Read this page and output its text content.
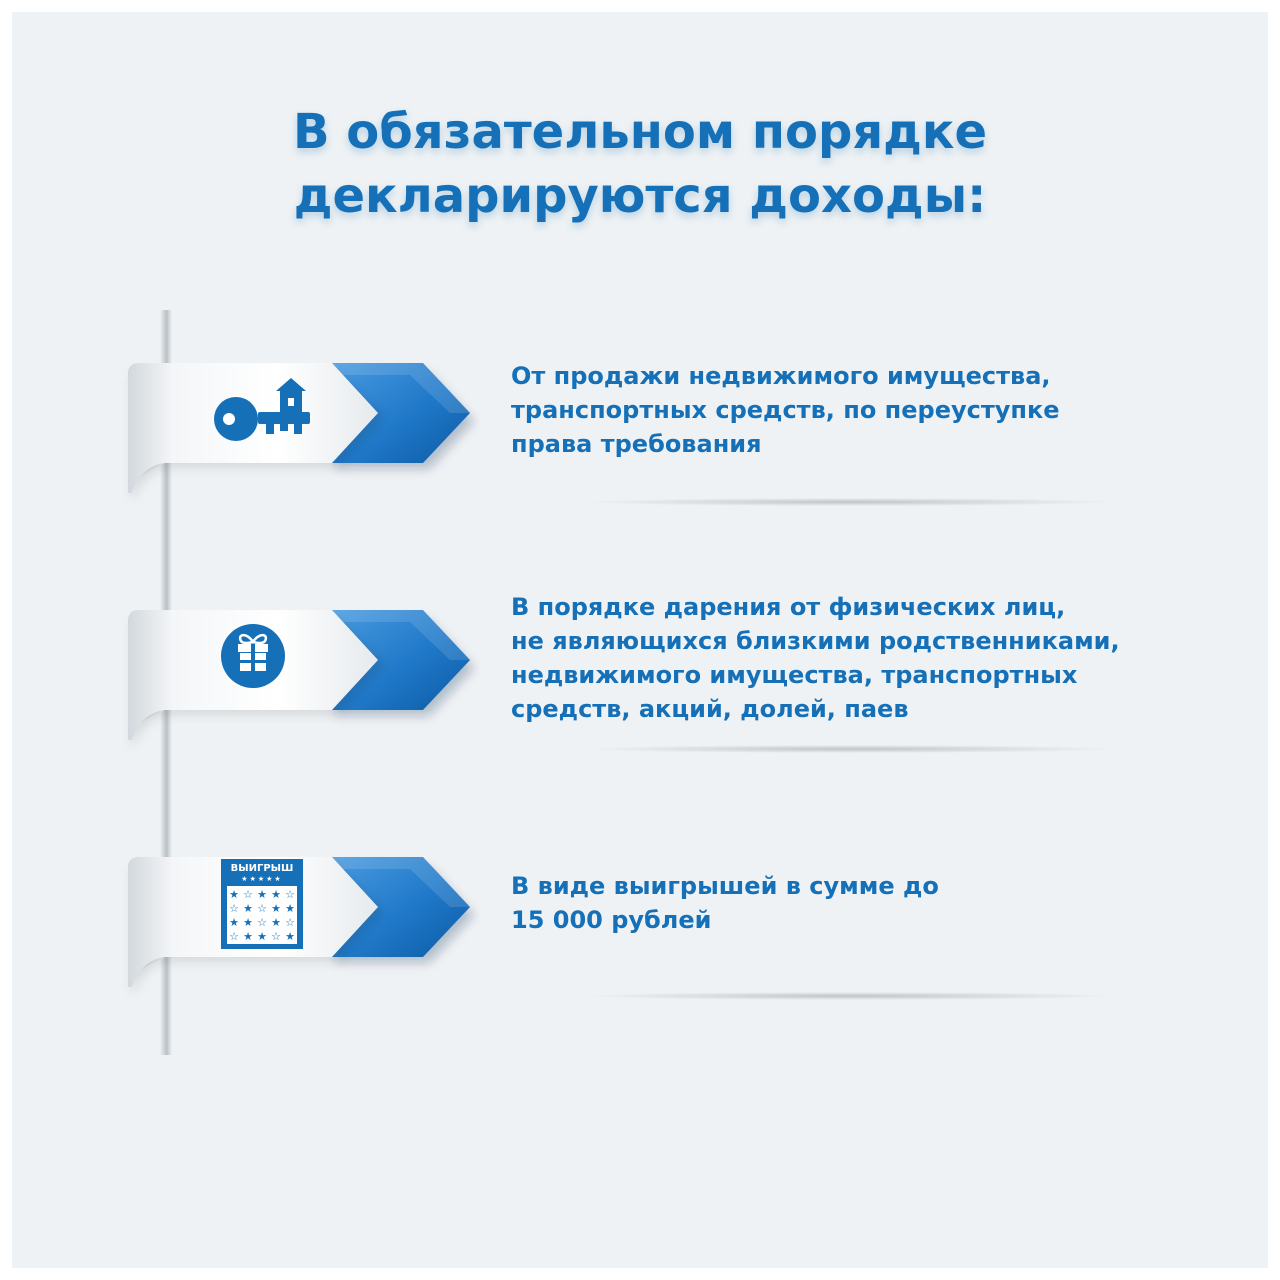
В обязательном порядке
декларируются доходы:

От продажи недвижимого имущества,
транспортных средств, по переуступке
права требования

В порядке дарения от физических лиц,
не являющихся близкими родственниками,
недвижимого имущества, транспортных
средств, акций, долей, паев

ВЫИГРЫШ
★★★★★
★ ☆ ★ ★ ☆
☆ ★ ☆ ★ ★
★ ★ ☆ ★ ☆
☆ ★ ★ ☆ ★

В виде выигрышей в сумме до
15 000 рублей
